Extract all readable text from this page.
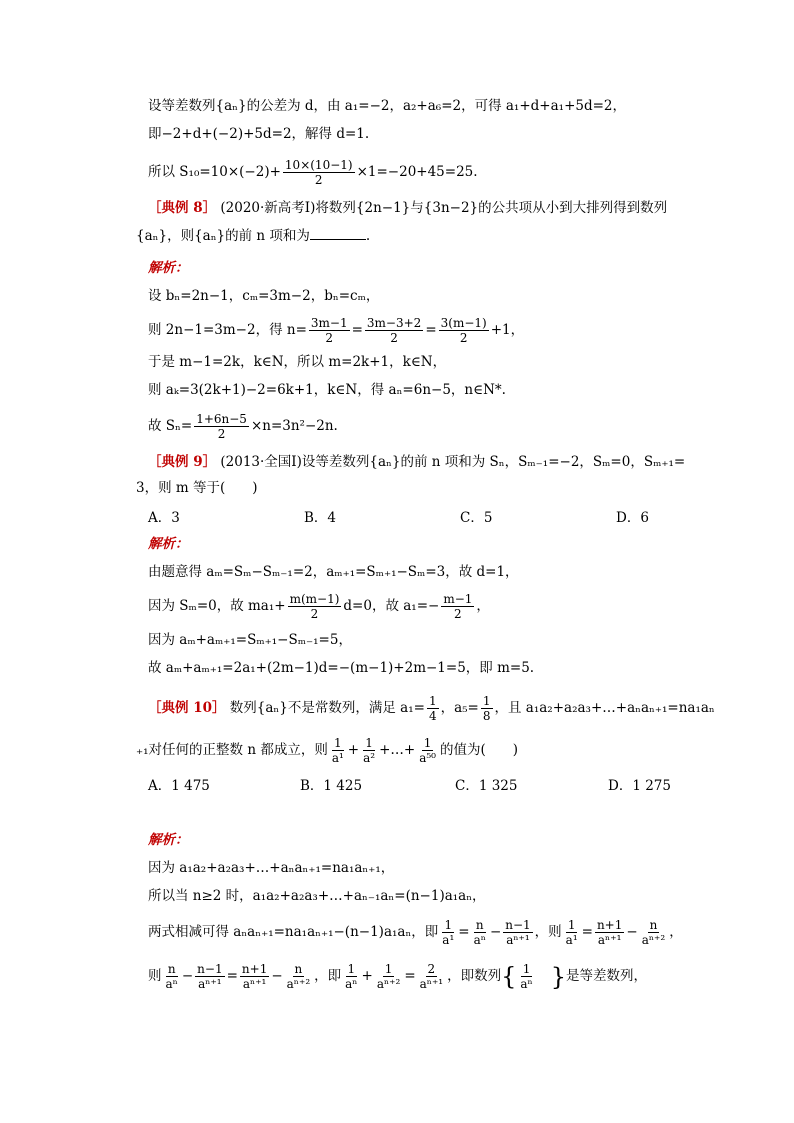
设等差数列{aₙ}的公差为 d，由 a₁=−2，a₂+a₆=2，可得 a₁+d+a₁+5d=2，
即−2+d+(−2)+5d=2，解得 d=1.
所以 $S_{10}=10\times(-2)+ \frac{10\times(10-1)}{2} \times 1=-20+45=25$.
［典例 8］ (2020·新高考Ⅰ)将数列{2n−1}与{3n−2}的公共项从小到大排列得到数列
{aₙ}，则{aₙ}的前 n 项和为	.
解析：
设 bₙ=2n−1，cₘ=3m−2，bₙ=cₘ，
则 2n−1=3m−2，得 $n= \frac{3m-1}{2} = \frac{3m-3+2}{2} = \frac{3(m-1)}{2} +1$，
于是 m−1=2k，k∈N，所以 m=2k+1，k∈N，
则 aₖ=3(2k+1)−2=6k+1，k∈N，得 aₙ=6n−5，n∈N*.
故 $S_n= \frac{1+6n-5}{2} \times n=3n^2-2n$.
［典例 9］ (2013·全国Ⅰ)设等差数列{aₙ}的前 n 项和为 Sₙ，Sₘ₋₁=−2，Sₘ=0，Sₘ₊₁=
3，则 m 等于(　　)
A．3	B．4	C．5	D．6
解析：
由题意得 aₘ=Sₘ−Sₘ₋₁=2，aₘ₊₁=Sₘ₊₁−Sₘ=3，故 d=1，
因为 Sₘ=0，故 $ma_1+ \frac{m(m-1)}{2} d=0$，故 $a_1=- \frac{m-1}{2}$ ，
因为 aₘ+aₘ₊₁=Sₘ₊₁−Sₘ₋₁=5，
故 aₘ+aₘ₊₁=2a₁+(2m−1)d=−(m−1)+2m−1=5，即 m=5.
［典例 10］ 数列{aₙ}不是常数列，满足 $a_1= \frac{1}{4}$ ，$a_5= \frac{1}{8}$ ，且 a₁a₂+a₂a₃+…+aₙaₙ₊₁=na₁aₙ
₊₁对任何的正整数 n 都成立，则 $\frac{1}{\text{a¹}} + \frac{1}{\text{a²}}$ +…+ $\frac{1}{\text{a⁵⁰}}$ 的值为(　　)
A．1 475	B．1 425	C．1 325	D．1 275
解析：
因为 a₁a₂+a₂a₃+…+aₙaₙ₊₁=na₁aₙ₊₁，
所以当 n≥2 时，a₁a₂+a₂a₃+…+aₙ₋₁aₙ=(n−1)a₁aₙ，
两式相减可得 aₙaₙ₊₁=na₁aₙ₊₁−(n−1)a₁aₙ，即 $\frac{1}{\text{a¹}} = \frac{n}{\text{aⁿ}} - \frac{n-1}{\text{aⁿ⁺¹}}$ ，则 $\frac{1}{\text{a¹}} = \frac{n+1}{\text{aⁿ⁺¹}} - \frac{n}{\text{aⁿ⁺²}}$ ，
则 $\frac{n}{\text{aⁿ}} - \frac{n-1}{\text{aⁿ⁺¹}} = \frac{n+1}{\text{aⁿ⁺¹}} - \frac{n}{\text{aⁿ⁺²}}$ ，即 $\frac{1}{\text{aⁿ}} + \frac{1}{\text{aⁿ⁺²}} = \frac{2}{\text{aⁿ⁺¹}}$ ，即数列{ $\frac{1}{\text{aⁿ}}$ }是等差数列，
